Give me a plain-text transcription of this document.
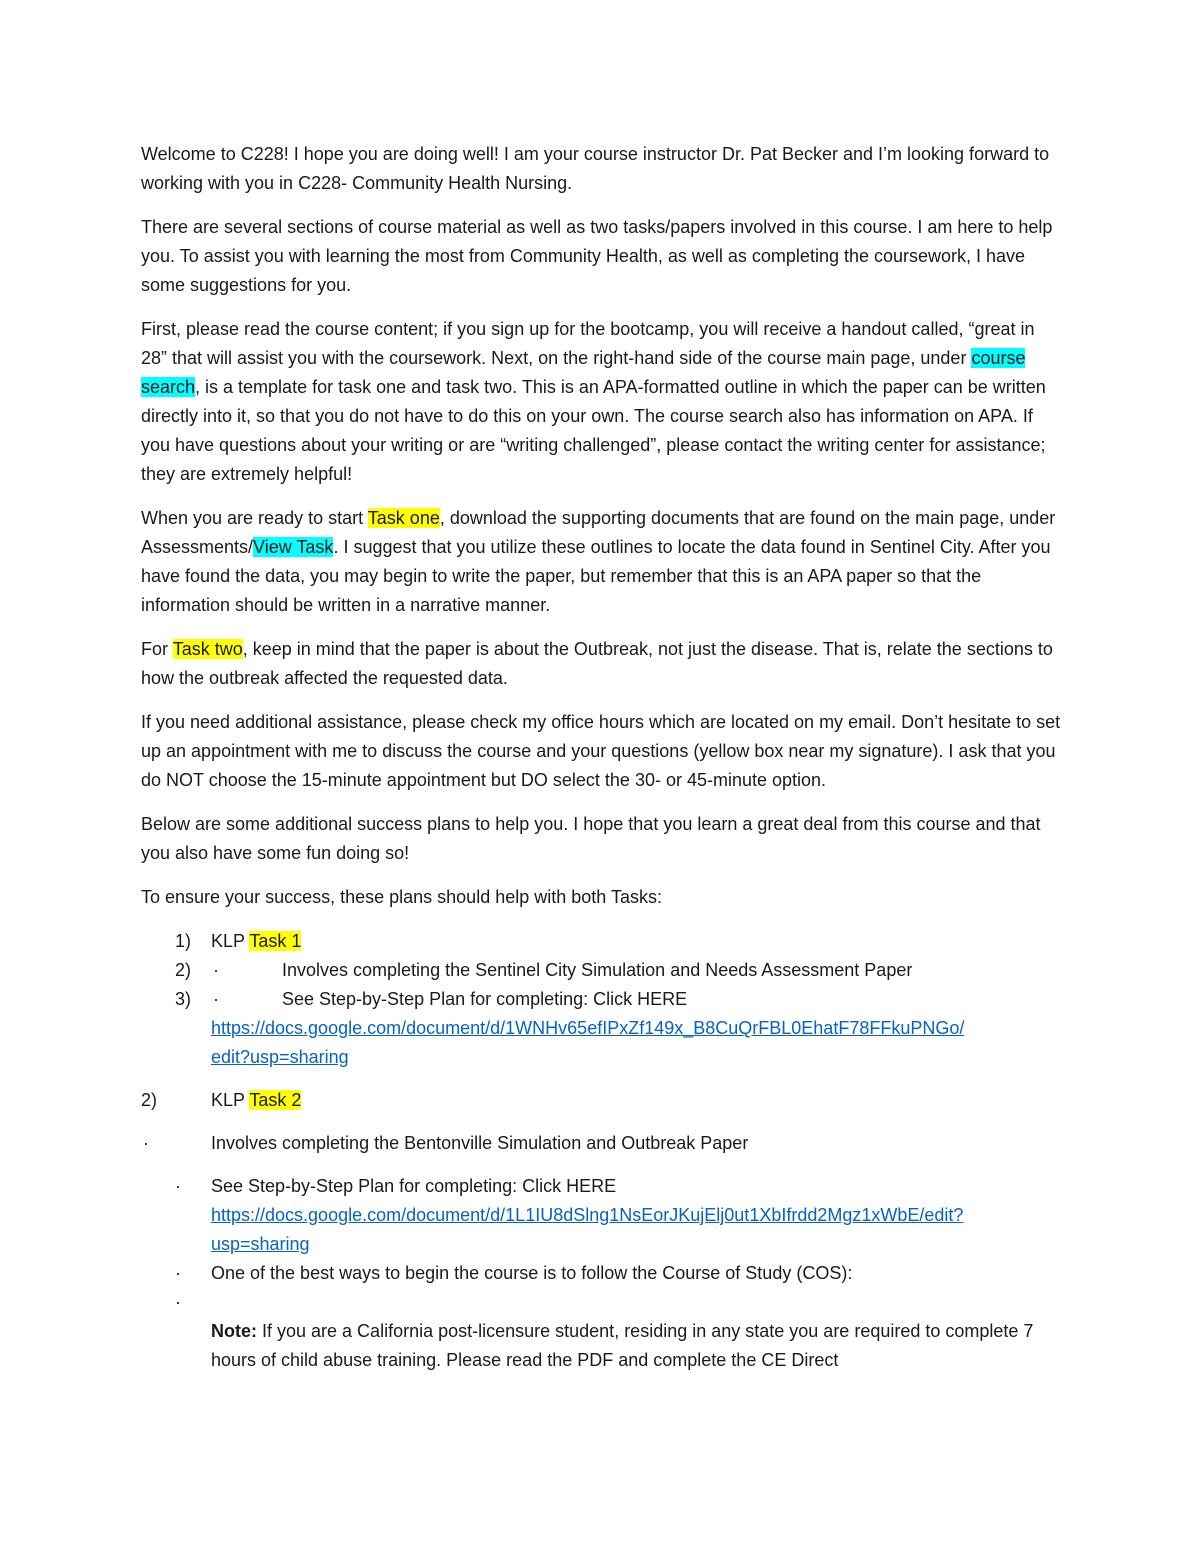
Welcome to C228! I hope you are doing well! I am your course instructor Dr. Pat Becker and I’m looking forward to working with you in C228- Community Health Nursing.

There are several sections of course material as well as two tasks/papers involved in this course. I am here to help you. To assist you with learning the most from Community Health, as well as completing the coursework, I have some suggestions for you.

First, please read the course content; if you sign up for the bootcamp, you will receive a handout called, “great in 28” that will assist you with the coursework. Next, on the right-hand side of the course main page, under course search, is a template for task one and task two. This is an APA-formatted outline in which the paper can be written directly into it, so that you do not have to do this on your own. The course search also has information on APA. If you have questions about your writing or are “writing challenged”, please contact the writing center for assistance; they are extremely helpful!

When you are ready to start Task one, download the supporting documents that are found on the main page, under Assessments/View Task. I suggest that you utilize these outlines to locate the data found in Sentinel City. After you have found the data, you may begin to write the paper, but remember that this is an APA paper so that the information should be written in a narrative manner.

For Task two, keep in mind that the paper is about the Outbreak, not just the disease. That is, relate the sections to how the outbreak affected the requested data.

If you need additional assistance, please check my office hours which are located on my email. Don’t hesitate to set up an appointment with me to discuss the course and your questions (yellow box near my signature). I ask that you do NOT choose the 15-minute appointment but DO select the 30- or 45-minute option.

Below are some additional success plans to help you. I hope that you learn a great deal from this course and that you also have some fun doing so!

To ensure your success, these plans should help with both Tasks:

1) KLP Task 1
2) ·	Involves completing the Sentinel City Simulation and Needs Assessment Paper
3) ·	See Step-by-Step Plan for completing: Click HERE
https://docs.google.com/document/d/1WNHv65efIPxZf149x_B8CuQrFBL0EhatF78FFkuPNGo/
edit?usp=sharing
2)	KLP Task 2
·	Involves completing the Bentonville Simulation and Outbreak Paper
· See Step-by-Step Plan for completing: Click HERE
https://docs.google.com/document/d/1L1IU8dSlng1NsEorJKujElj0ut1XbIfrdd2Mgz1xWbE/edit?
usp=sharing
· One of the best ways to begin the course is to follow the Course of Study (COS):
·
Note: If you are a California post-licensure student, residing in any state you are required to complete 7 hours of child abuse training. Please read the PDF and complete the CE Direct
